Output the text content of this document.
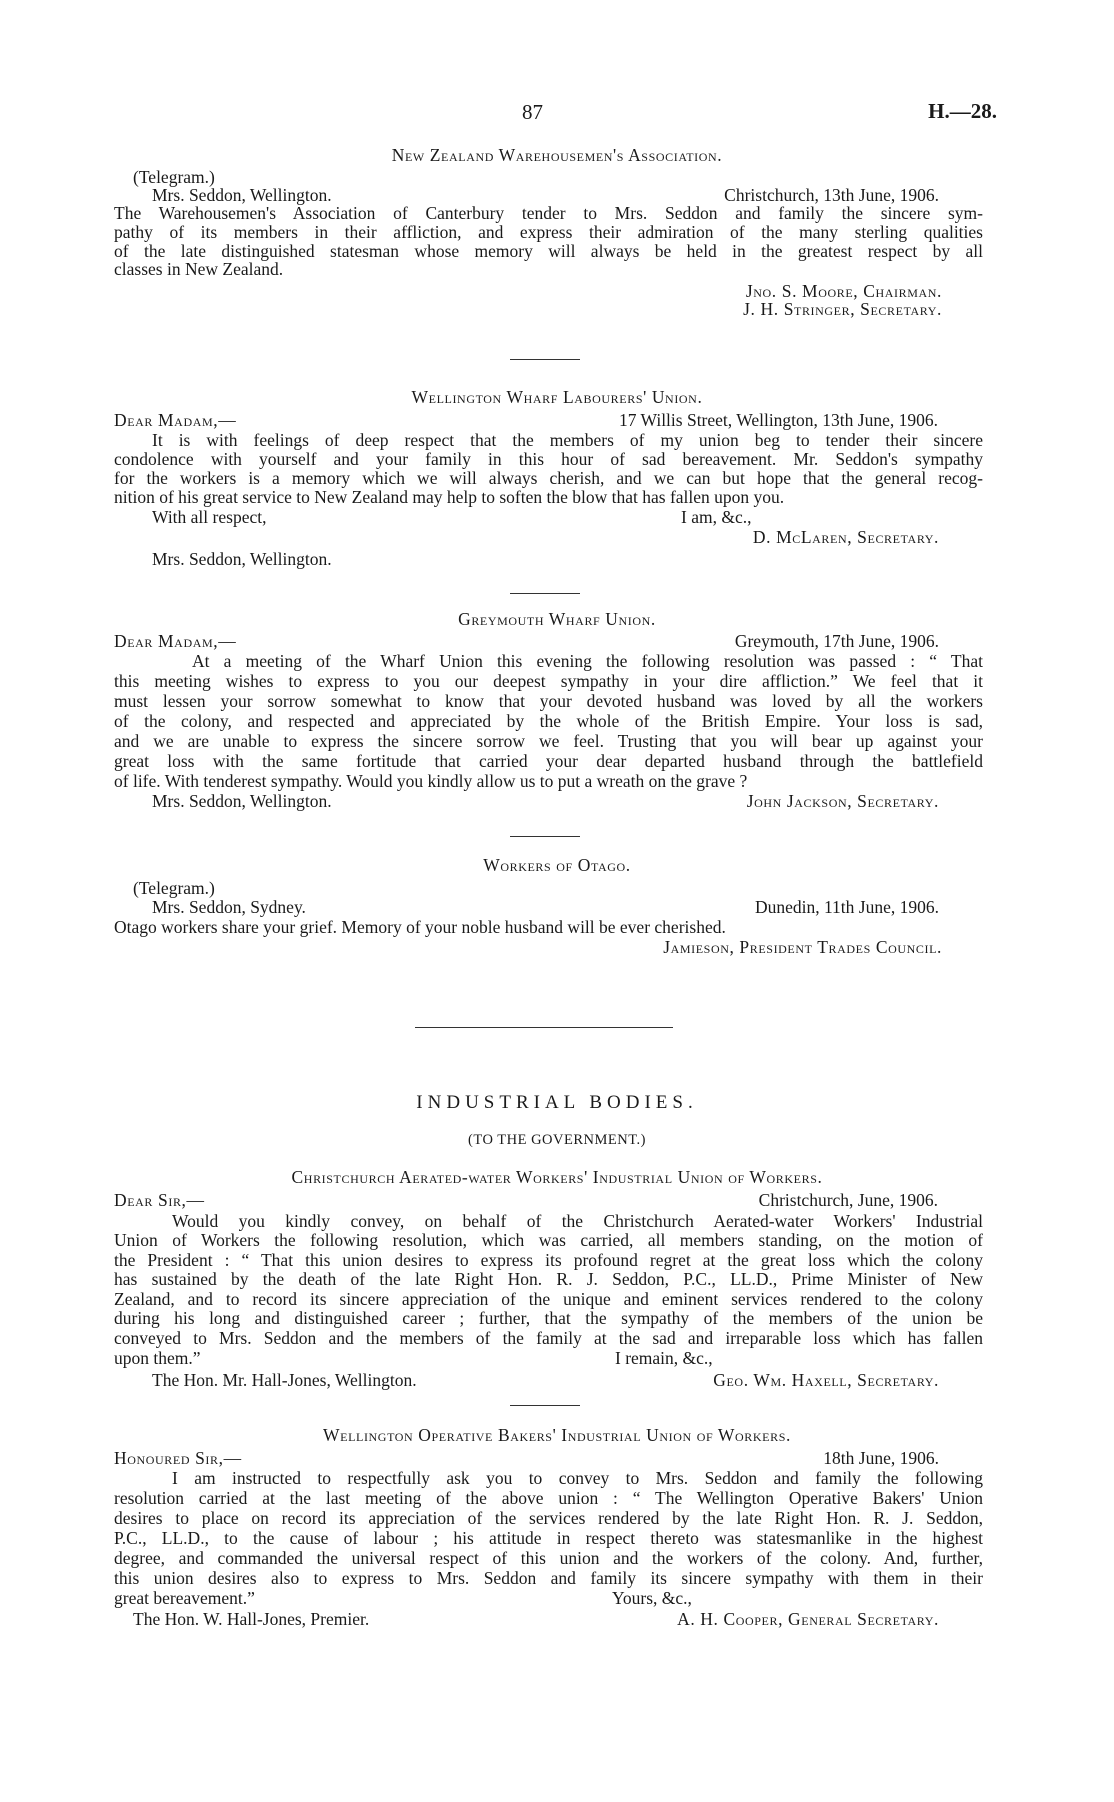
87	H.—28.
New Zealand Warehousemen's Association.
(Telegram.)
Mrs. Seddon, Wellington.	Christchurch, 13th June, 1906.
The Warehousemen's Association of Canterbury tender to Mrs. Seddon and family the sincere sym-
pathy of its members in their affliction, and express their admiration of the many sterling qualities
of the late distinguished statesman whose memory will always be held in the greatest respect by all
classes in New Zealand.
Jno. S. Moore, Chairman.
J. H. Stringer, Secretary.
Wellington Wharf Labourers' Union.
Dear Madam,—	17 Willis Street, Wellington, 13th June, 1906.
It is with feelings of deep respect that the members of my union beg to tender their sincere
condolence with yourself and your family in this hour of sad bereavement. Mr. Seddon's sympathy
for the workers is a memory which we will always cherish, and we can but hope that the general recog-
nition of his great service to New Zealand may help to soften the blow that has fallen upon you.
With all respect,	I am, &c.,
D. McLaren, Secretary.
Mrs. Seddon, Wellington.
Greymouth Wharf Union.
Dear Madam,—	Greymouth, 17th June, 1906.
At a meeting of the Wharf Union this evening the following resolution was passed : “ That
this meeting wishes to express to you our deepest sympathy in your dire affliction.” We feel that it
must lessen your sorrow somewhat to know that your devoted husband was loved by all the workers
of the colony, and respected and appreciated by the whole of the British Empire. Your loss is sad,
and we are unable to express the sincere sorrow we feel. Trusting that you will bear up against your
great loss with the same fortitude that carried your dear departed husband through the battlefield
of life. With tenderest sympathy. Would you kindly allow us to put a wreath on the grave ?
Mrs. Seddon, Wellington.	John Jackson, Secretary.
Workers of Otago.
(Telegram.)
Mrs. Seddon, Sydney.	Dunedin, 11th June, 1906.
Otago workers share your grief. Memory of your noble husband will be ever cherished.
Jamieson, President Trades Council.
INDUSTRIAL BODIES.
(TO THE GOVERNMENT.)
Christchurch Aerated-water Workers' Industrial Union of Workers.
Dear Sir,—	Christchurch, June, 1906.
Would you kindly convey, on behalf of the Christchurch Aerated-water Workers' Industrial
Union of Workers the following resolution, which was carried, all members standing, on the motion of
the President : “ That this union desires to express its profound regret at the great loss which the colony
has sustained by the death of the late Right Hon. R. J. Seddon, P.C., LL.D., Prime Minister of New
Zealand, and to record its sincere appreciation of the unique and eminent services rendered to the colony
during his long and distinguished career ; further, that the sympathy of the members of the union be
conveyed to Mrs. Seddon and the members of the family at the sad and irreparable loss which has fallen
upon them.”	I remain, &c.,
The Hon. Mr. Hall-Jones, Wellington.	Geo. Wm. Haxell, Secretary.
Wellington Operative Bakers' Industrial Union of Workers.
Honoured Sir,—	18th June, 1906.
I am instructed to respectfully ask you to convey to Mrs. Seddon and family the following
resolution carried at the last meeting of the above union : “ The Wellington Operative Bakers' Union
desires to place on record its appreciation of the services rendered by the late Right Hon. R. J. Seddon,
P.C., LL.D., to the cause of labour ; his attitude in respect thereto was statesmanlike in the highest
degree, and commanded the universal respect of this union and the workers of the colony. And, further,
this union desires also to express to Mrs. Seddon and family its sincere sympathy with them in their
great bereavement.”	Yours, &c.,
The Hon. W. Hall-Jones, Premier.	A. H. Cooper, General Secretary.
